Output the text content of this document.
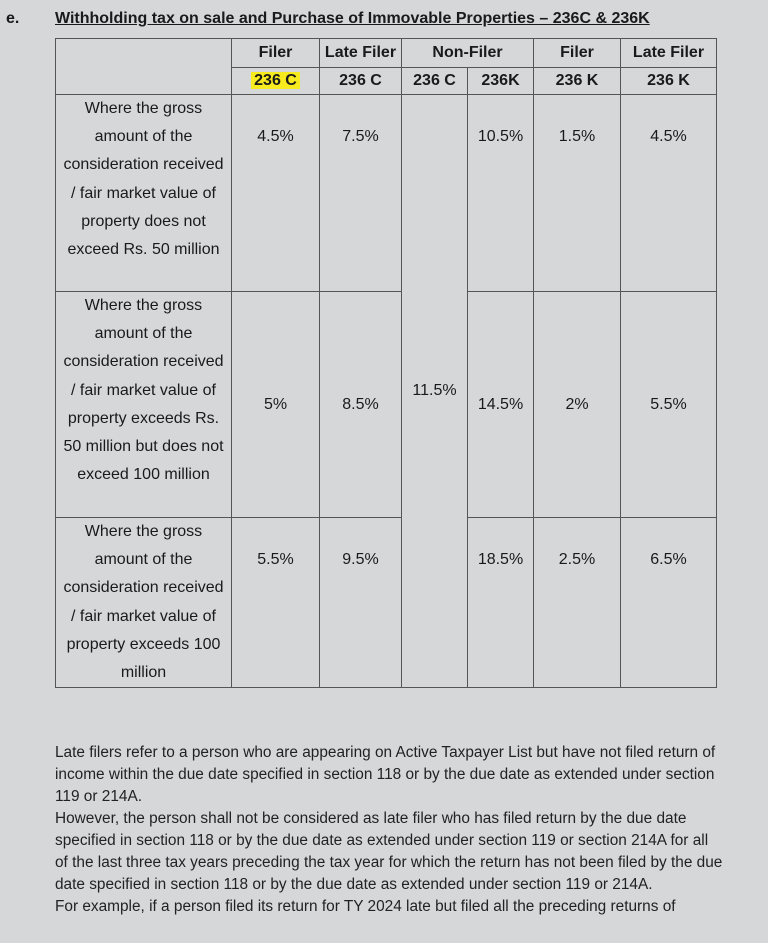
e. Withholding tax on sale and Purchase of Immovable Properties – 236C & 236K
	Filer	Late Filer	Non-Filer		Filer	Late Filer
	236 C	236 C	236 C	236K	236 K	236 K
Where the gross amount of the consideration received / fair market value of property does not exceed Rs. 50 million	4.5%	7.5%	11.5%	10.5%	1.5%	4.5%
Where the gross amount of the consideration received / fair market value of property exceeds Rs. 50 million but does not exceed 100 million	5%	8.5%		14.5%	2%	5.5%
Where the gross amount of the consideration received / fair market value of property exceeds 100 million	5.5%	9.5%		18.5%	2.5%	6.5%

Late filers refer to a person who are appearing on Active Taxpayer List but have not filed return of income within the due date specified in section 118 or by the due date as extended under section 119 or 214A.

However, the person shall not be considered as late filer who has filed return by the due date specified in section 118 or by the due date as extended under section 119 or section 214A for all of the last three tax years preceding the tax year for which the return has not been filed by the due date specified in section 118 or by the due date as extended under section 119 or 214A.

For example, if a person filed its return for TY 2024 late but filed all the preceding returns of
